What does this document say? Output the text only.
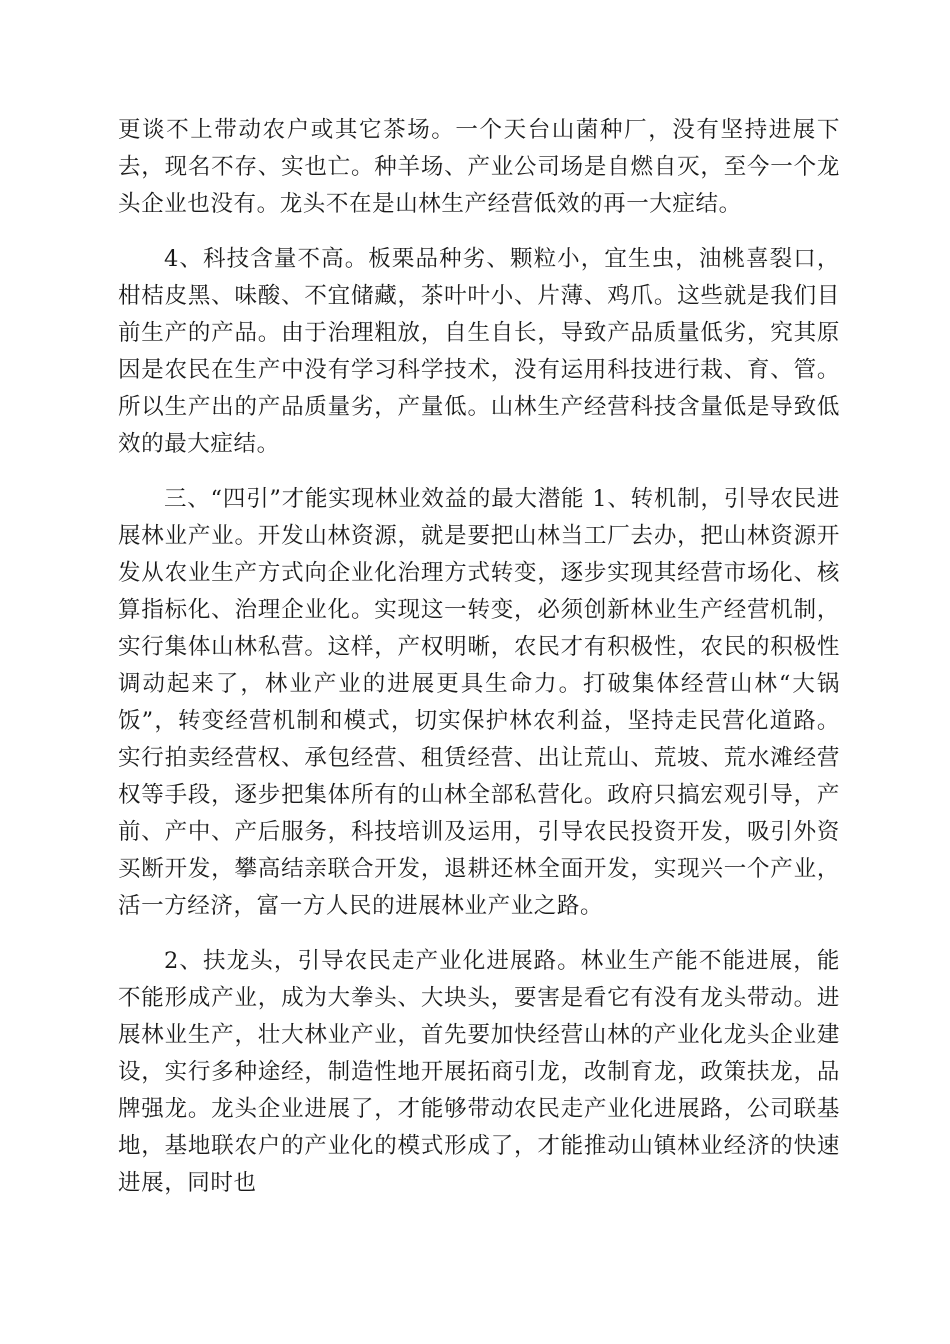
更谈不上带动农户或其它茶场。一个天台山菌种厂，没有坚持进展下去，现名不存、实也亡。种羊场、产业公司场是自燃自灭，至今一个龙头企业也没有。龙头不在是山林生产经营低效的再一大症结。

4、科技含量不高。板栗品种劣、颗粒小，宜生虫，油桃喜裂口，柑桔皮黑、味酸、不宜储藏，茶叶叶小、片薄、鸡爪。这些就是我们目前生产的产品。由于治理粗放，自生自长，导致产品质量低劣，究其原因是农民在生产中没有学习科学技术，没有运用科技进行栽、育、管。所以生产出的产品质量劣，产量低。山林生产经营科技含量低是导致低效的最大症结。

三、“四引”才能实现林业效益的最大潜能 1、转机制，引导农民进展林业产业。开发山林资源，就是要把山林当工厂去办，把山林资源开发从农业生产方式向企业化治理方式转变，逐步实现其经营市场化、核算指标化、治理企业化。实现这一转变，必须创新林业生产经营机制，实行集体山林私营。这样，产权明晰，农民才有积极性，农民的积极性调动起来了，林业产业的进展更具生命力。打破集体经营山林“大锅饭”，转变经营机制和模式，切实保护林农利益，坚持走民营化道路。实行拍卖经营权、承包经营、租赁经营、出让荒山、荒坡、荒水滩经营权等手段，逐步把集体所有的山林全部私营化。政府只搞宏观引导，产前、产中、产后服务，科技培训及运用，引导农民投资开发，吸引外资买断开发，攀高结亲联合开发，退耕还林全面开发，实现兴一个产业，活一方经济，富一方人民的进展林业产业之路。

2、扶龙头，引导农民走产业化进展路。林业生产能不能进展，能不能形成产业，成为大拳头、大块头，要害是看它有没有龙头带动。进展林业生产，壮大林业产业，首先要加快经营山林的产业化龙头企业建设，实行多种途经，制造性地开展拓商引龙，改制育龙，政策扶龙，品牌强龙。龙头企业进展了，才能够带动农民走产业化进展路，公司联基地，基地联农户的产业化的模式形成了，才能推动山镇林业经济的快速进展，同时也
